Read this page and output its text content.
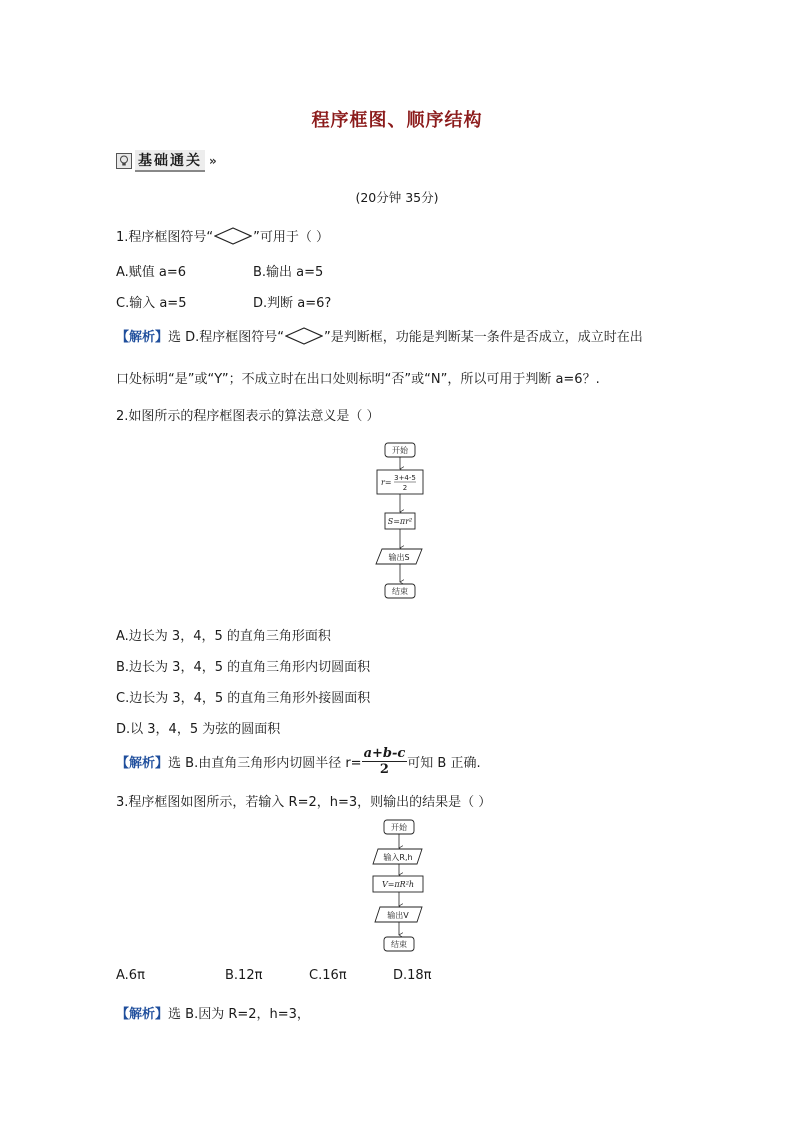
程序框图、顺序结构
基础通关 »
(20分钟 35分)
1.程序框图符号“	”可用于（ ）
A.赋值 a=6	B.输出 a=5
C.输入 a=5	D.判断 a=6?
【解析】 选 D.程序框图符号“	”是判断框，功能是判断某一条件是否成立，成立时在出
口处标明“是”或“Y”；不成立时在出口处则标明“否”或“N”，所以可用于判断 a=6？.
2.如图所示的程序框图表示的算法意义是（ ）
开始
r= 3+4-5
2
S=πr²
输出S
结束
A.边长为 3，4，5 的直角三角形面积
B.边长为 3，4，5 的直角三角形内切圆面积
C.边长为 3，4，5 的直角三角形外接圆面积
D.以 3，4，5 为弦的圆面积
【解析】 选 B.由直角三角形内切圆半径 $r= \frac{a+b-c}{2}$ 可知 B 正确.
3.程序框图如图所示，若输入 R=2，h=3，则输出的结果是（ ）
开始
输入R,h
V=πR²h
输出V
结束
A.6π	B.12π	C.16π	D.18π
【解析】选 B.因为 R=2，h=3，
